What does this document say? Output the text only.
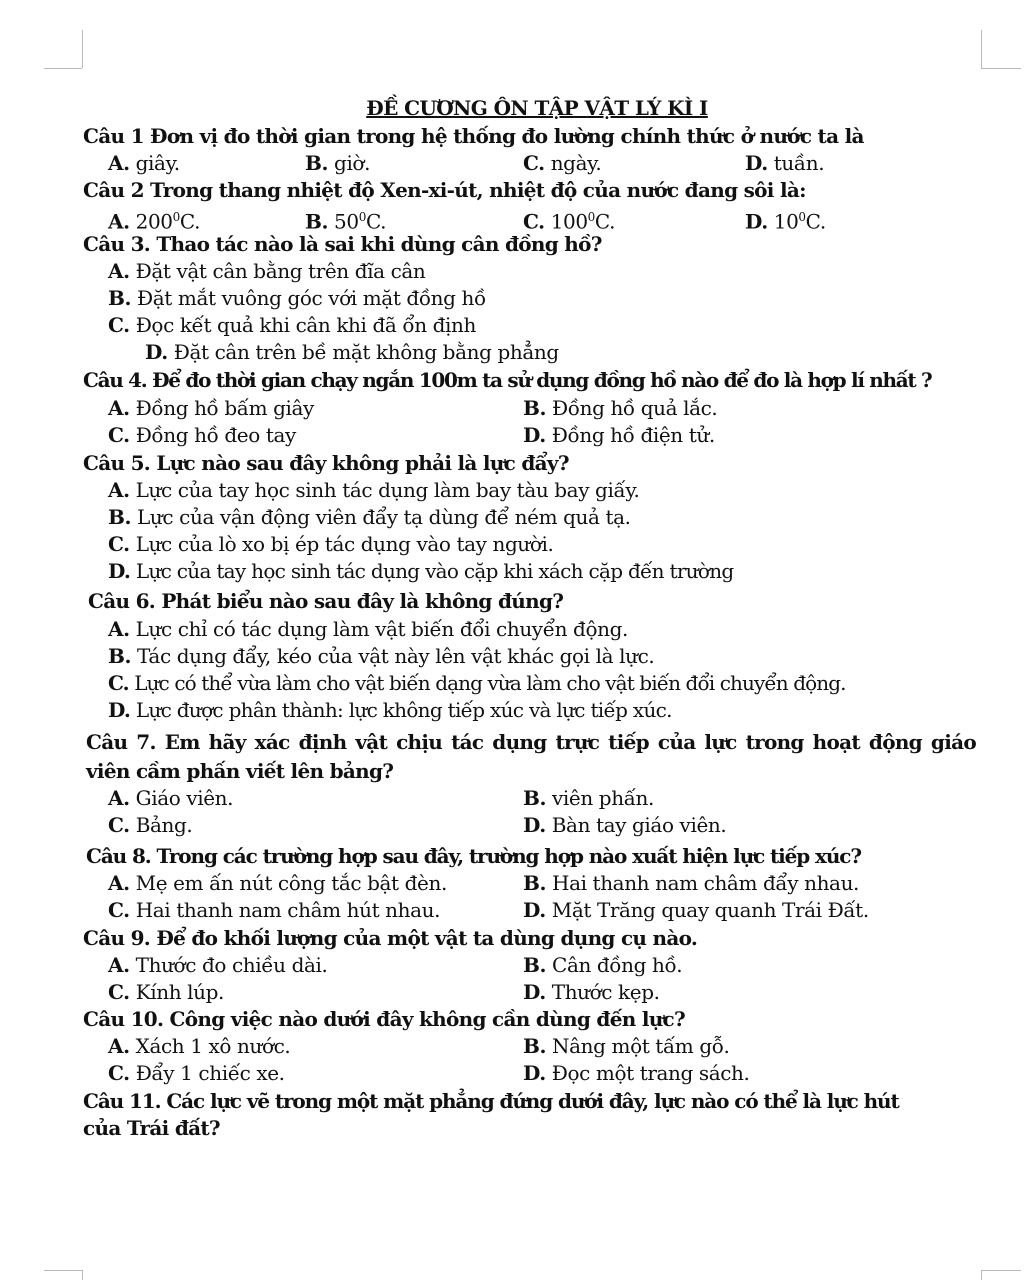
ĐỀ CƯƠNG ÔN TẬP VẬT LÝ KÌ I
Câu 1 Đơn vị đo thời gian trong hệ thống đo lường chính thức ở nước ta là
A. giây.	B. giờ.	C. ngày.	D. tuần.
Câu 2 Trong thang nhiệt độ Xen-xi-út, nhiệt độ của nước đang sôi là:
A. $200^0C$.	B. $50^0C$.	C. $100^0C$.	D. $10^0C$.
Câu 3. Thao tác nào là sai khi dùng cân đồng hồ?
A. Đặt vật cân bằng trên đĩa cân
B. Đặt mắt vuông góc với mặt đồng hồ
C. Đọc kết quả khi cân khi đã ổn định
D. Đặt cân trên bề mặt không bằng phẳng
Câu 4. Để đo thời gian chạy ngắn 100m ta sử dụng đồng hồ nào để đo là hợp lí nhất ?
A. Đồng hồ bấm giây	B. Đồng hồ quả lắc.
C. Đồng hồ đeo tay	D. Đồng hồ điện tử.
Câu 5. Lực nào sau đây không phải là lực đẩy?
A. Lực của tay học sinh tác dụng làm bay tàu bay giấy.
B. Lực của vận động viên đẩy tạ dùng để ném quả tạ.
C. Lực của lò xo bị ép tác dụng vào tay người.
D. Lực của tay học sinh tác dụng vào cặp khi xách cặp đến trường
Câu 6. Phát biểu nào sau đây là không đúng?
A. Lực chỉ có tác dụng làm vật biến đổi chuyển động.
B. Tác dụng đẩy, kéo của vật này lên vật khác gọi là lực.
C. Lực có thể vừa làm cho vật biến dạng vừa làm cho vật biến đổi chuyển động.
D. Lực được phân thành: lực không tiếp xúc và lực tiếp xúc.
Câu 7. Em hãy xác định vật chịu tác dụng trực tiếp của lực trong hoạt động giáo viên cầm phấn viết lên bảng?
A. Giáo viên.	B. viên phấn.
C. Bảng.	D. Bàn tay giáo viên.
Câu 8. Trong các trường hợp sau đây, trường hợp nào xuất hiện lực tiếp xúc?
A. Mẹ em ấn nút công tắc bật đèn.	B. Hai thanh nam châm đẩy nhau.
C. Hai thanh nam châm hút nhau.	D. Mặt Trăng quay quanh Trái Đất.
Câu 9. Để đo khối lượng của một vật ta dùng dụng cụ nào.
A. Thước đo chiều dài.	B. Cân đồng hồ.
C. Kính lúp.	D. Thước kẹp.
Câu 10. Công việc nào dưới đây không cần dùng đến lực?
A. Xách 1 xô nước.	B. Nâng một tấm gỗ.
C. Đẩy 1 chiếc xe.	D. Đọc một trang sách.
Câu 11. Các lực vẽ trong một mặt phẳng đứng dưới đây, lực nào có thể là lực hút
của Trái đất?
